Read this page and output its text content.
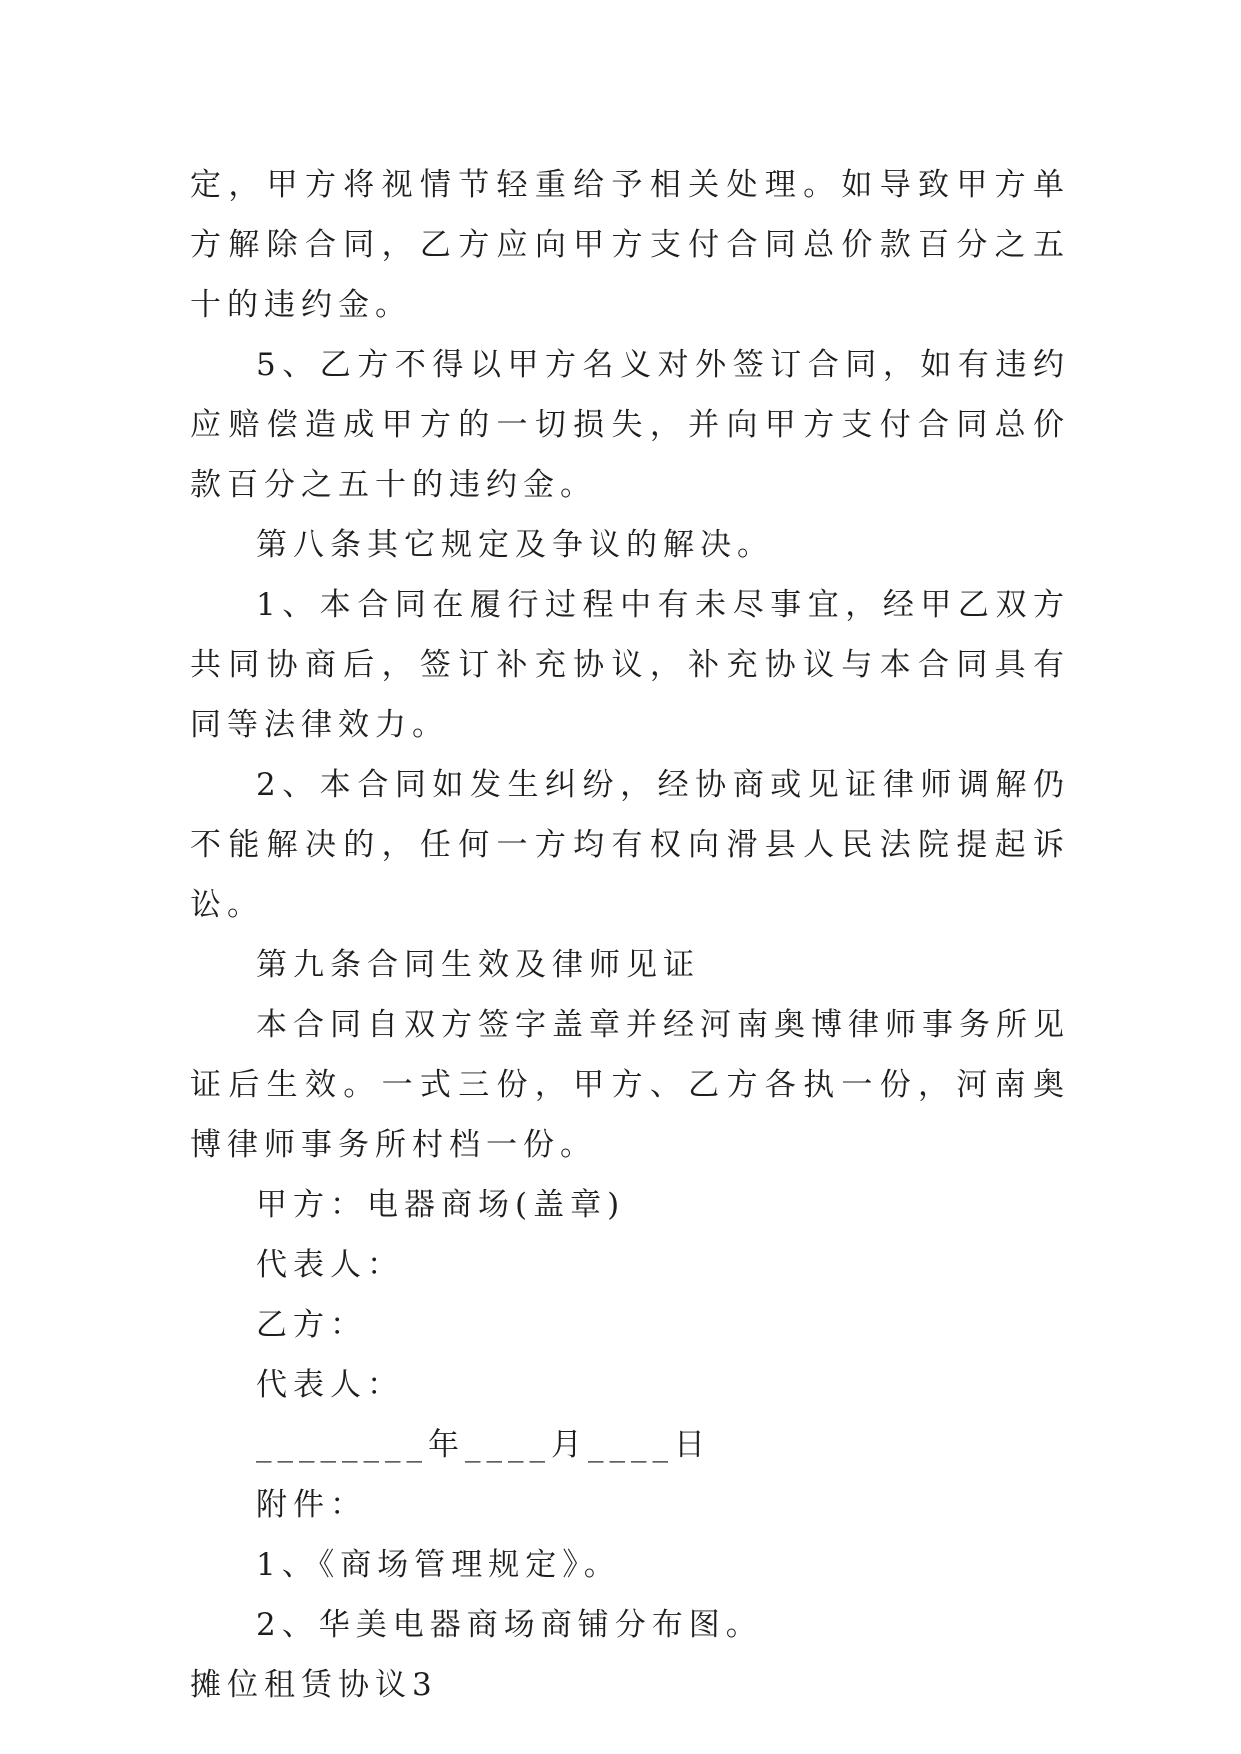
定，甲方将视情节轻重给予相关处理。如导致甲方单方解除合同，乙方应向甲方支付合同总价款百分之五十的违约金。

5、乙方不得以甲方名义对外签订合同，如有违约应赔偿造成甲方的一切损失，并向甲方支付合同总价款百分之五十的违约金。

第八条其它规定及争议的解决。

1、本合同在履行过程中有未尽事宜，经甲乙双方共同协商后，签订补充协议，补充协议与本合同具有同等法律效力。

2、本合同如发生纠纷，经协商或见证律师调解仍不能解决的，任何一方均有权向滑县人民法院提起诉讼。

第九条合同生效及律师见证

本合同自双方签字盖章并经河南奥博律师事务所见证后生效。一式三份，甲方、乙方各执一份，河南奥博律师事务所村档一份。

甲方：电器商场(盖章)

代表人：

乙方：

代表人：

________年____月____日

附件：

1、《商场管理规定》。

2、华美电器商场商铺分布图。

摊位租赁协议3
